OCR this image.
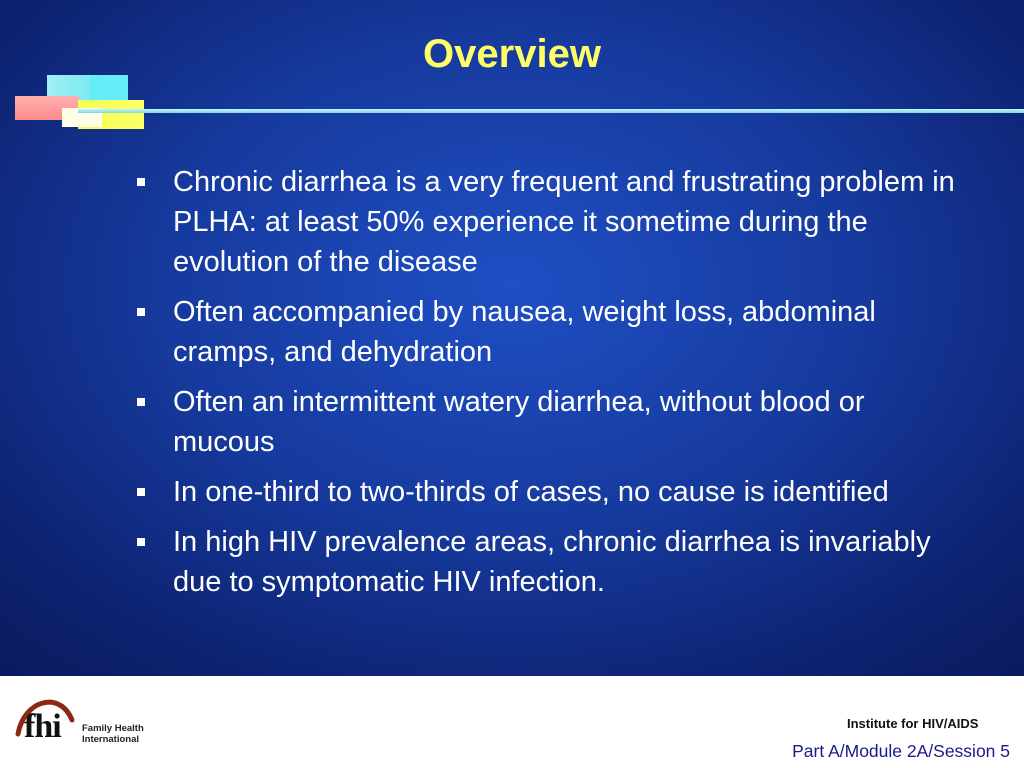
Overview
Chronic diarrhea is a very frequent and frustrating problem in PLHA: at least 50% experience it sometime during the evolution of the disease
Often accompanied by nausea, weight loss, abdominal cramps, and dehydration
Often an intermittent watery diarrhea, without blood or mucous
In one-third to two-thirds of cases, no cause is identified
In high HIV prevalence areas, chronic diarrhea is invariably due to symptomatic HIV infection.
fhi Family Health
International
Institute for HIV/AIDS
Part A/Module 2A/Session 5
